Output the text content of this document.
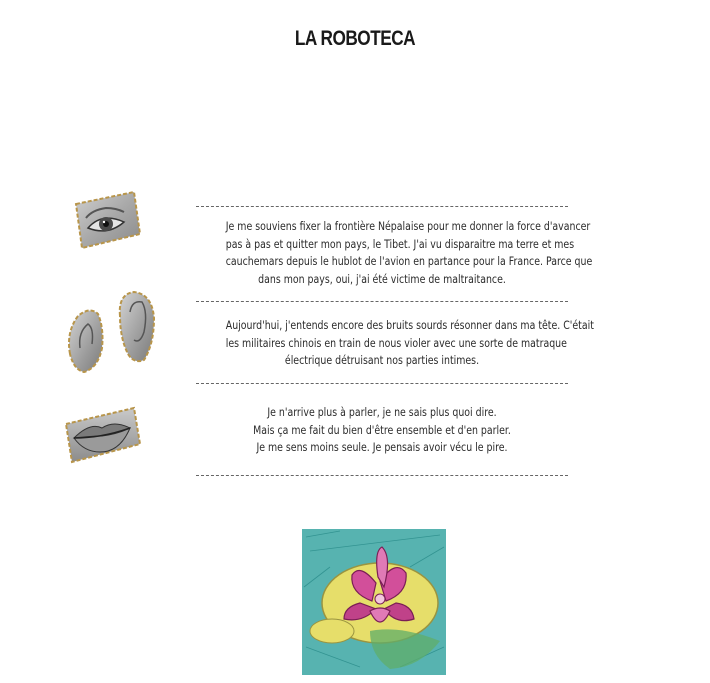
LA ROBOTECA
Je me souviens fixer la frontière Népalaise pour me donner la force d'avancer
pas à pas et quitter mon pays, le Tibet. J'ai vu disparaitre ma terre et mes
cauchemars depuis le hublot de l'avion en partance pour la France. Parce que
dans mon pays, oui, j'ai été victime de maltraitance.
Aujourd'hui, j'entends encore des bruits sourds résonner dans ma tête. C'était
les militaires chinois en train de nous violer avec une sorte de matraque
électrique détruisant nos parties intimes.
Je n'arrive plus à parler, je ne sais plus quoi dire.
Mais ça me fait du bien d'être ensemble et d'en parler.
Je me sens moins seule. Je pensais avoir vécu le pire.
